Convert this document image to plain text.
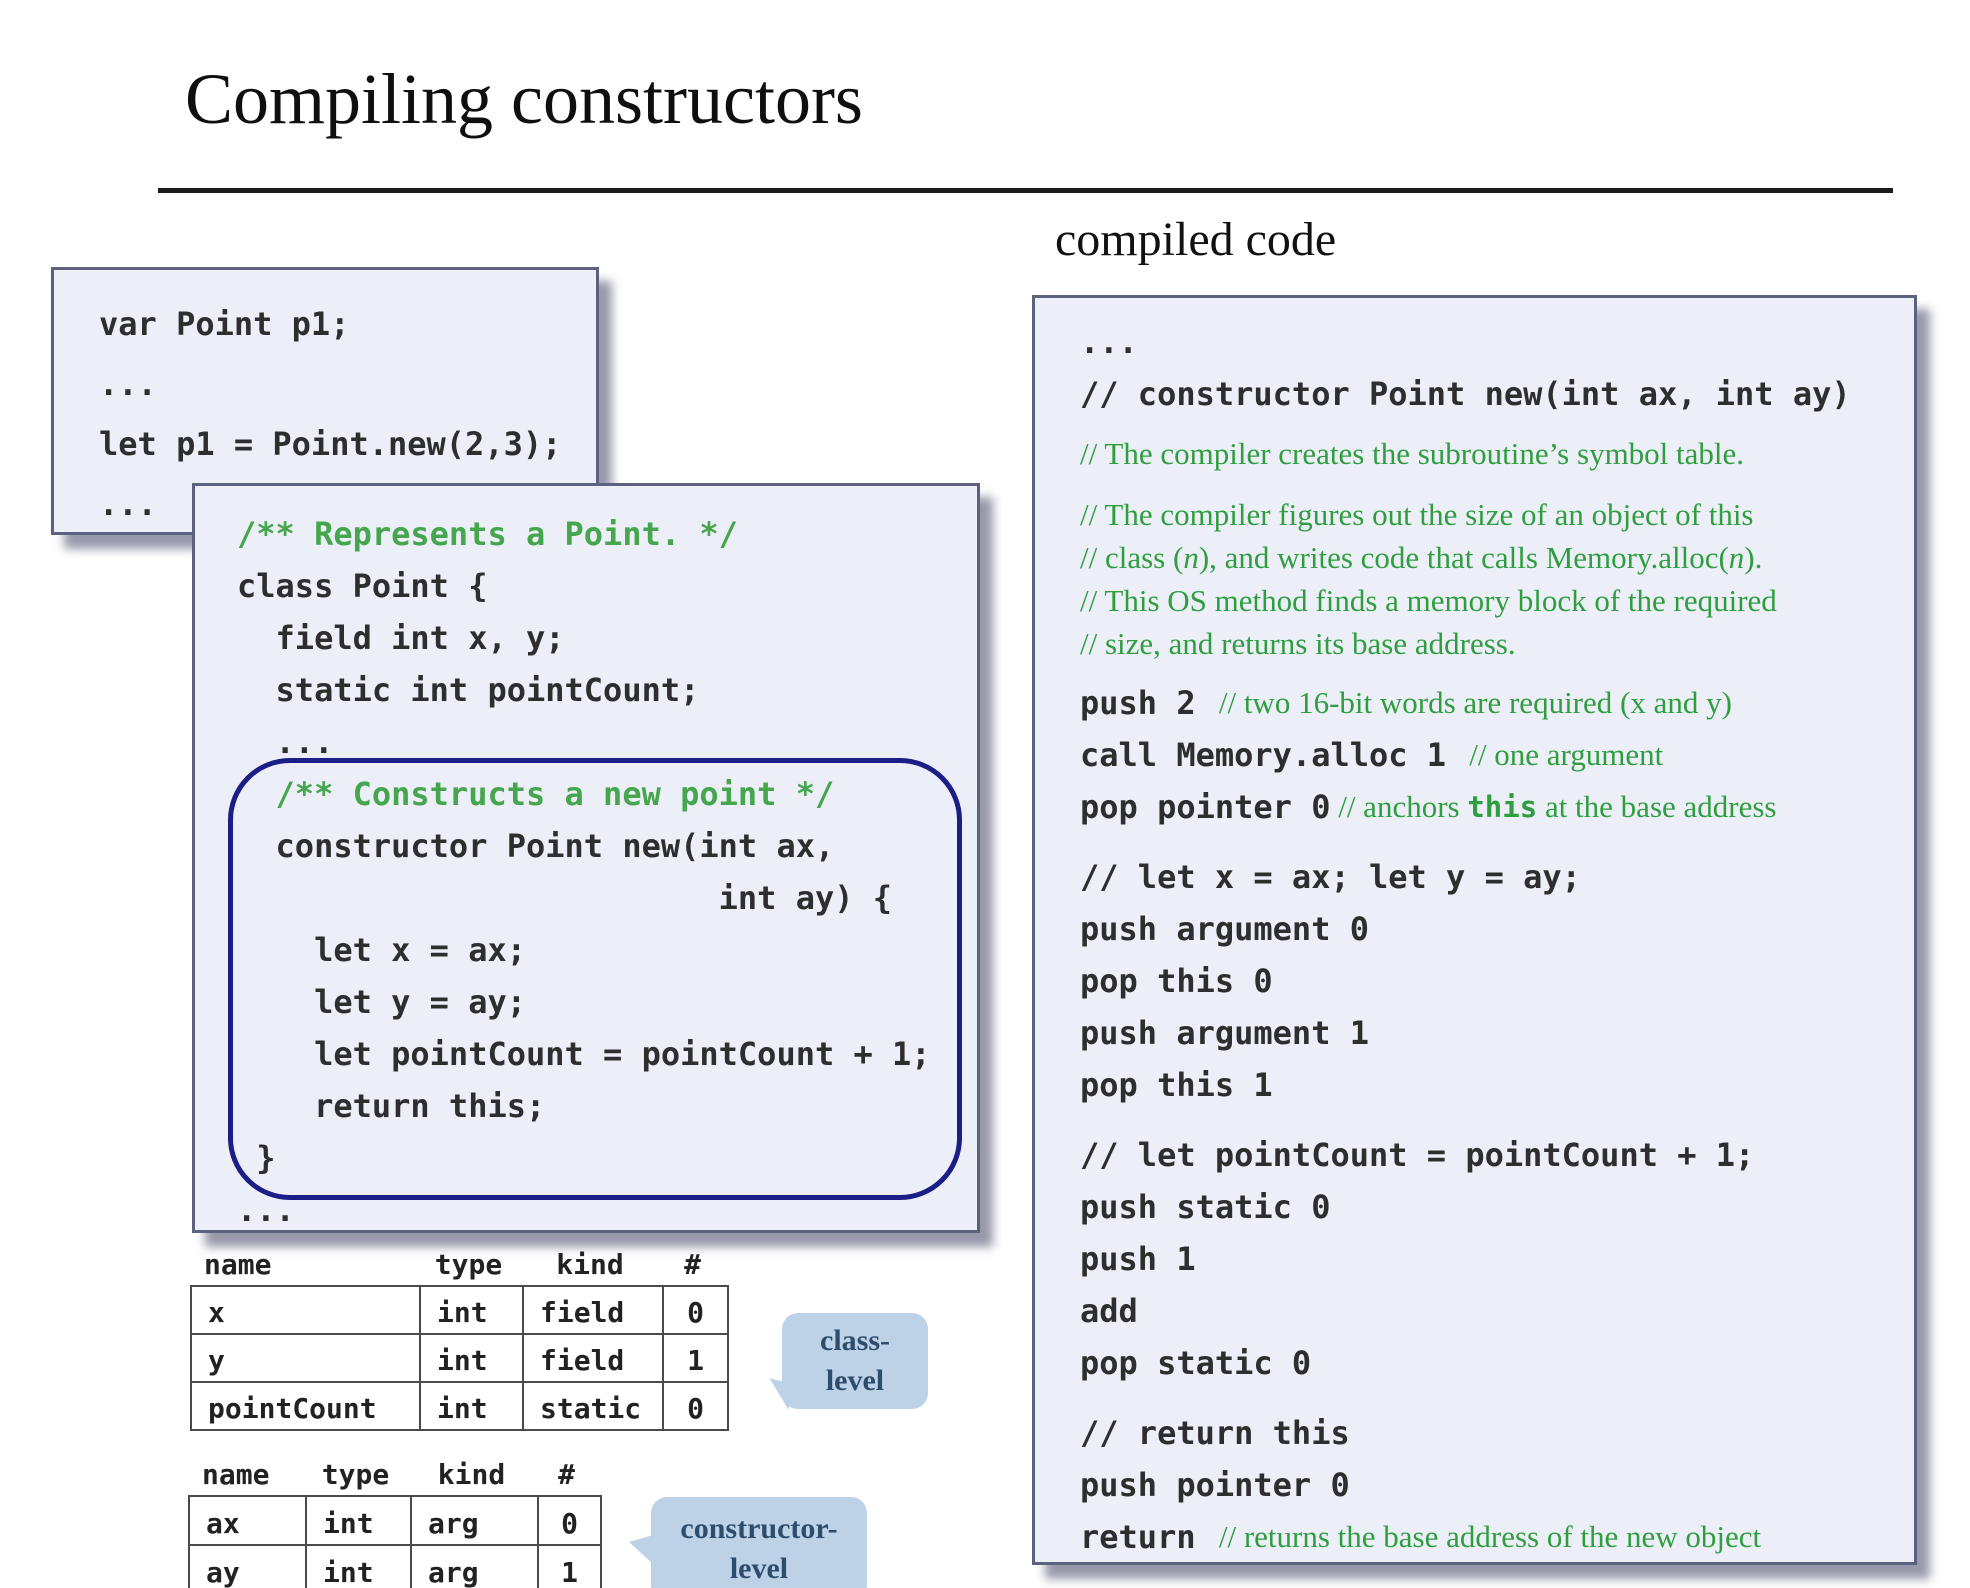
Compiling constructors
compiled code
var Point p1;
...
let p1 = Point.new(2,3);
...
/** Represents a Point. */
class Point {
field int x, y;
static int pointCount;
...
/** Constructs a new point */
constructor Point new(int ax,
int ay) {
let x = ax;
let y = ay;
let pointCount = pointCount + 1;
return this;
}
...
...
// constructor Point new(int ax, int ay)
// The compiler creates the subroutine’s symbol table.
// The compiler figures out the size of an object of this
// class ( n ), and writes code that calls Memory.alloc( n ).
// This OS method finds a memory block of the required
// size, and returns its base address.
push 2 // two 16-bit words are required (x and y)
call Memory.alloc 1 // one argument
pop pointer 0 // anchors this at the base address
// let x = ax; let y = ay;
push argument 0
pop this 0
push argument 1
pop this 1
// let pointCount = pointCount + 1;
push static 0
push 1
add
pop static 0
// return this
push pointer 0
return // returns the base address of the new object
name	type	kind	#
x	int	field	0
y	int	field	1
pointCount	int	static	0
name	type	kind	#
ax	int	arg	0
ay	int	arg	1
class-
level
constructor-
level
